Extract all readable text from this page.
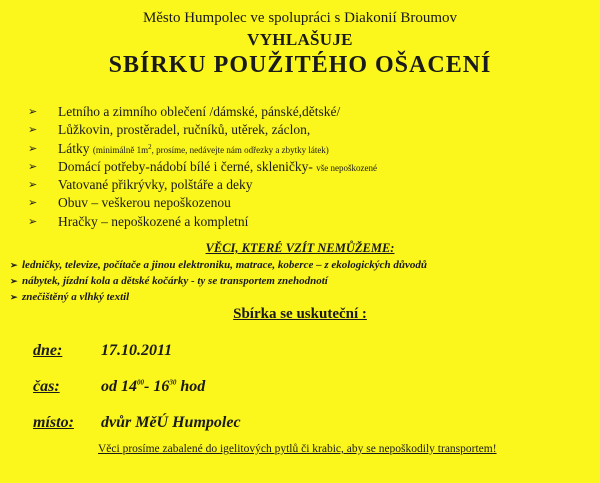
Město Humpolec ve spolupráci s Diakonií Broumov
VYHLAŠUJE
SBÍRKU POUŽITÉHO OŠACENÍ
➢ Letního a zimního oblečení /dámské, pánské,dětské/
➢ Lůžkovin, prostěradel, ručníků, utěrek, záclon,
➢ Látky (minimálně $1m^2$, prosíme, nedávejte nám odřezky a zbytky látek)
➢ Domácí potřeby-nádobí bílé i černé, skleničky- vše nepoškozené
➢ Vatované přikrývky, polštáře a deky
➢ Obuv – veškerou nepoškozenou
➢ Hračky – nepoškozené a kompletní
VĚCI, KTERÉ VZÍT NEMŮŽEME:
➢ ledničky, televize, počítače a jinou elektroniku, matrace, koberce – z ekologických důvodů
➢ nábytek, jízdní kola a dětské kočárky - ty se transportem znehodnotí
➢ znečištěný a vlhký textil
Sbírka se uskuteční :
dne: 17.10.2011
čas:	od $14^{00}-$ $16^{30}$ hod
místo: dvůr MěÚ Humpolec
Věci prosíme zabalené do igelitových pytlů či krabic, aby se nepoškodily transportem!
